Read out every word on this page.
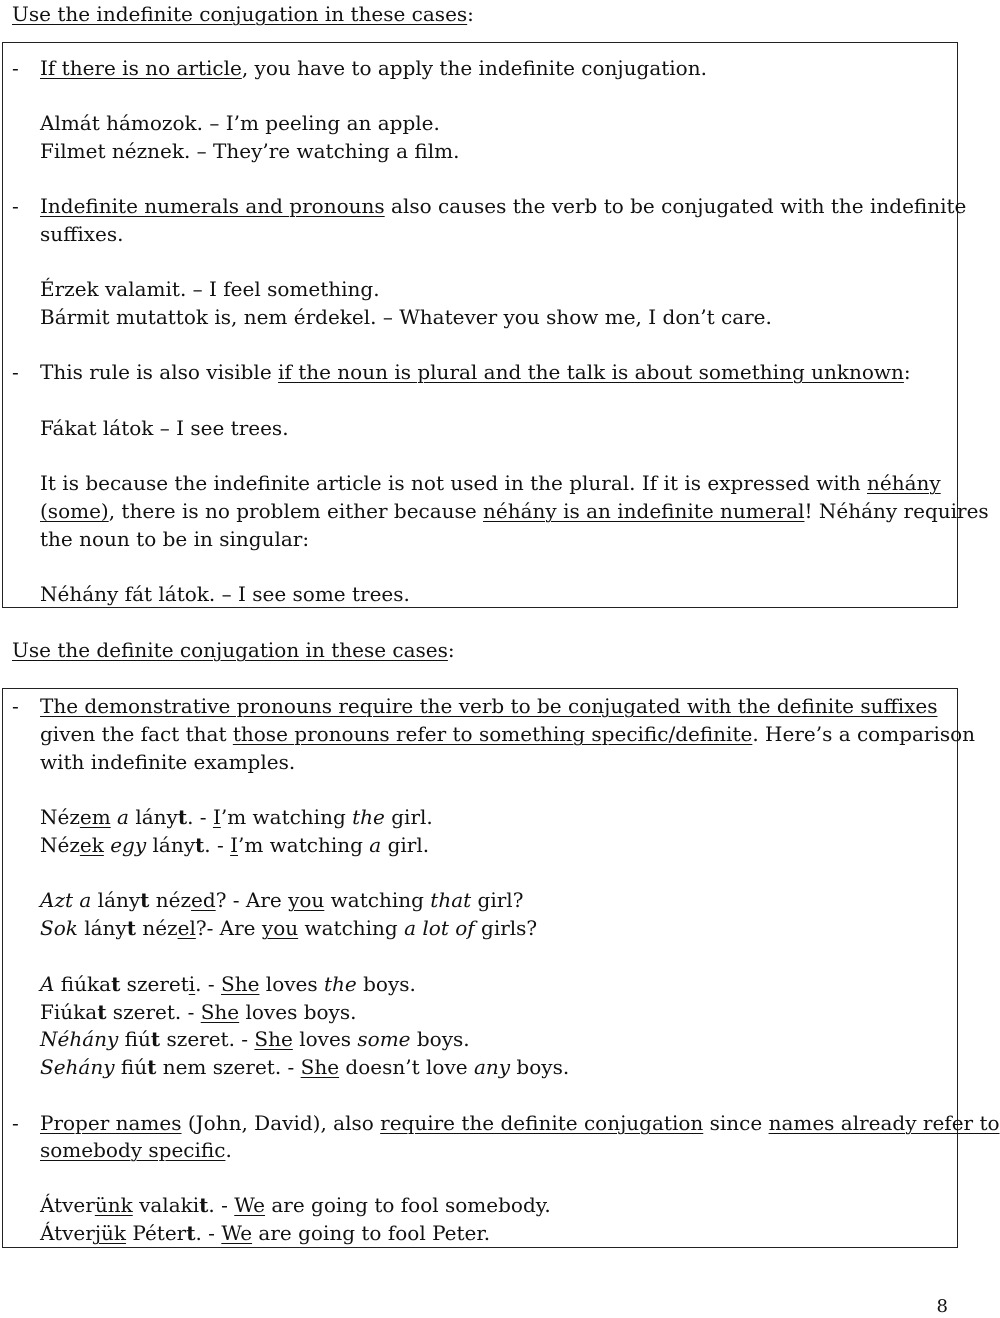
Use the indefinite conjugation in these cases:
- If there is no article, you have to apply the indefinite conjugation.
Almát hámozok. – I’m peeling an apple.
Filmet néznek. – They’re watching a film.
- Indefinite numerals and pronouns also causes the verb to be conjugated with the indefinite
suffixes.
Érzek valamit. – I feel something.
Bármit mutattok is, nem érdekel. – Whatever you show me, I don’t care.
- This rule is also visible if the noun is plural and the talk is about something unknown:
Fákat látok – I see trees.
It is because the indefinite article is not used in the plural. If it is expressed with néhány
(some), there is no problem either because néhány is an indefinite numeral! Néhány requires
the noun to be in singular:
Néhány fát látok. – I see some trees.
Use the definite conjugation in these cases:
- The demonstrative pronouns require the verb to be conjugated with the definite suffixes
given the fact that those pronouns refer to something specific/definite. Here’s a comparison
with indefinite examples.
Nézem a lányt. - I’m watching the girl.
Nézek egy lányt. - I’m watching a girl.
Azt a lányt nézed? - Are you watching that girl?
Sok lányt nézel?- Are you watching a lot of girls?
A fiúkat szereti. - She loves the boys.
Fiúkat szeret. - She loves boys.
Néhány fiút szeret. - She loves some boys.
Sehány fiút nem szeret. - She doesn’t love any boys.
- Proper names (John, David), also require the definite conjugation since names already refer to
somebody specific.
Átverünk valakit. - We are going to fool somebody.
Átverjük Pétert. - We are going to fool Peter.
8
